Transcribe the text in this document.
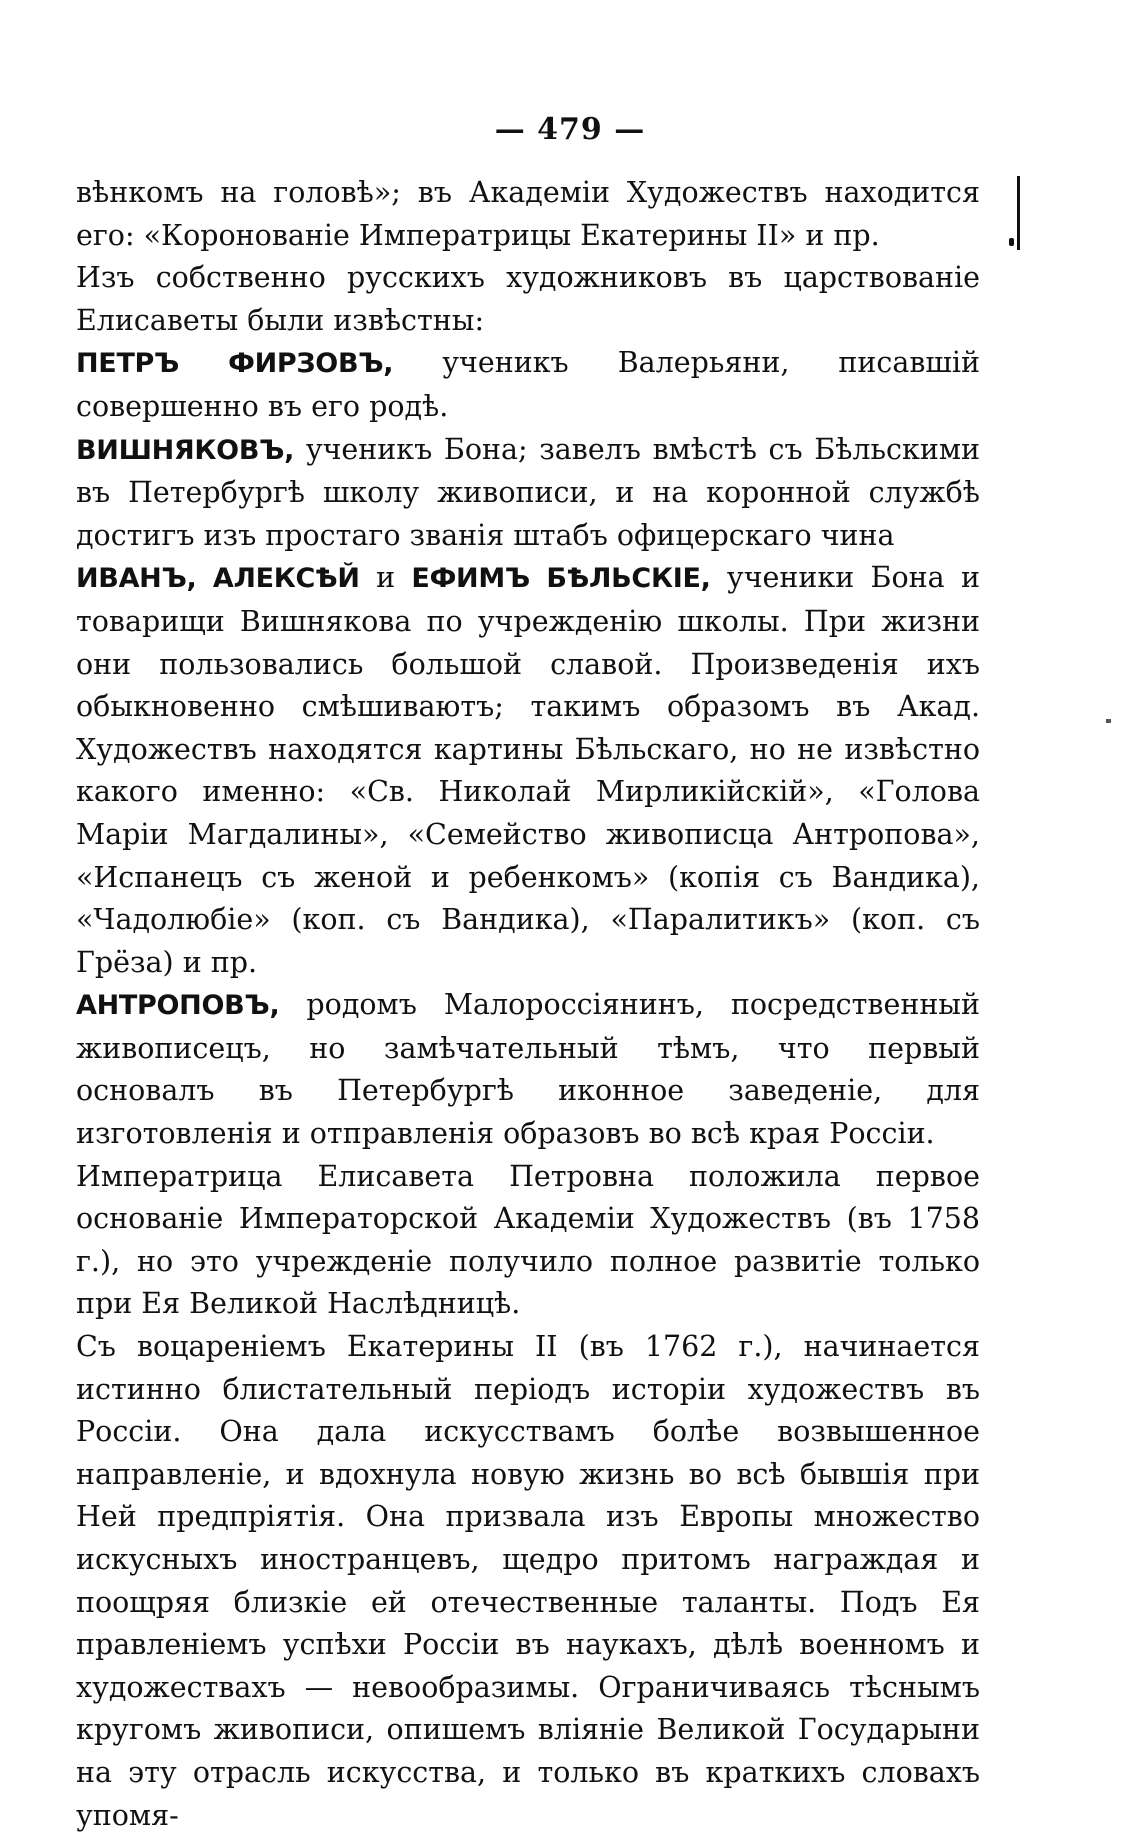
— 479 —

вѣнкомъ на головѣ»; въ Академіи Художествъ находится его: «Коронованіе Императрицы Екатерины II» и пр.

Изъ собственно русскихъ художниковъ въ царствованіе Елисаветы были извѣстны:

ПЕТРЪ ФИРЗОВЪ, ученикъ Валерьяни, писавшій совершенно въ его родѣ.

ВИШНЯКОВЪ, ученикъ Бона; завелъ вмѣстѣ съ Бѣльскими въ Петербургѣ школу живописи, и на коронной службѣ достигъ изъ простаго званія штабъ офицерскаго чина

ИВАНЪ, АЛЕКСѢЙ и ЕФИМЪ БѢЛЬСКІЕ, ученики Бона и товарищи Вишнякова по учрежденію школы. При жизни они пользовались большой славой. Произведенія ихъ обыкновенно смѣшиваютъ; такимъ образомъ въ Акад. Художествъ находятся картины Бѣльскаго, но не извѣстно какого именно: «Св. Николай Мирликійскій», «Голова Маріи Магдалины», «Семейство живописца Антропова», «Испанецъ съ женой и ребенкомъ» (копія съ Вандика), «Чадолюбіе» (коп. съ Вандика), «Паралитикъ» (коп. съ Грёза) и пр.

АНТРОПОВЪ, родомъ Малороссіянинъ, посредственный живописецъ, но замѣчательный тѣмъ, что первый основалъ въ Петербургѣ иконное заведеніе, для изготовленія и отправленія образовъ во всѣ края Россіи.

Императрица Елисавета Петровна положила первое основаніе Императорской Академіи Художествъ (въ 1758 г.), но это учрежденіе получило полное развитіе только при Ея Великой Наслѣдницѣ.

Съ воцареніемъ Екатерины II (въ 1762 г.), начинается истинно блистательный періодъ исторіи художествъ въ Россіи. Она дала искусствамъ болѣе возвышенное направленіе, и вдохнула новую жизнь во всѣ бывшія при Ней предпріятія. Она призвала изъ Европы множество искусныхъ иностранцевъ, щедро притомъ награждая и поощряя близкіе ей отечественные таланты. Подъ Ея правленіемъ успѣхи Россіи въ наукахъ, дѣлѣ военномъ и художествахъ — невообразимы. Ограничиваясь тѣснымъ кругомъ живописи, опишемъ вліяніе Великой Государыни на эту отрасль искусства, и только въ краткихъ словахъ упомя-
